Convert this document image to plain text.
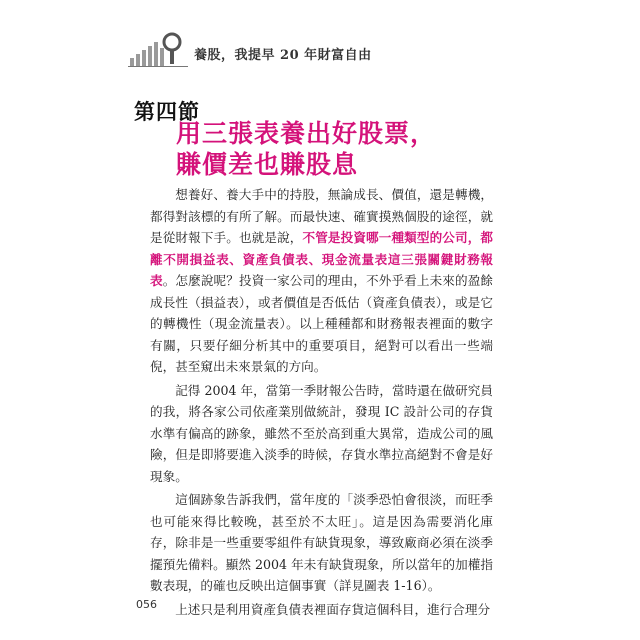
養股，我提早 20 年財富自由
第四節
用三張表養出好股票，
賺價差也賺股息

想養好、養大手中的持股，無論成長、價值，還是轉機，都得對該標的有所了解。而最快速、確實摸熟個股的途徑，就是從財報下手。也就是說，不管是投資哪一種類型的公司，都離不開損益表、資產負債表、現金流量表這三張關鍵財務報表。怎麼說呢？投資一家公司的理由，不外乎看上未來的盈餘成長性（損益表），或者價值是否低估（資產負債表），或是它的轉機性（現金流量表）。以上種種都和財務報表裡面的數字有關，只要仔細分析其中的重要項目，絕對可以看出一些端倪，甚至窺出未來景氣的方向。

記得 2004 年，當第一季財報公告時，當時還在做研究員的我，將各家公司依產業別做統計，發現 IC 設計公司的存貨水準有偏高的跡象，雖然不至於高到重大異常，造成公司的風險，但是即將要進入淡季的時候，存貨水準拉高絕對不會是好現象。

這個跡象告訴我們，當年度的「淡季恐怕會很淡，而旺季也可能來得比較晚，甚至於不太旺」。這是因為需要消化庫存，除非是一些重要零組件有缺貨現象，導致廠商必須在淡季擺預先備料。顯然 2004 年未有缺貨現象，所以當年的加權指數表現，的確也反映出這個事實（詳見圖表 1-16）。

上述只是利用資產負債表裡面存貨這個科目，進行合理分

056
